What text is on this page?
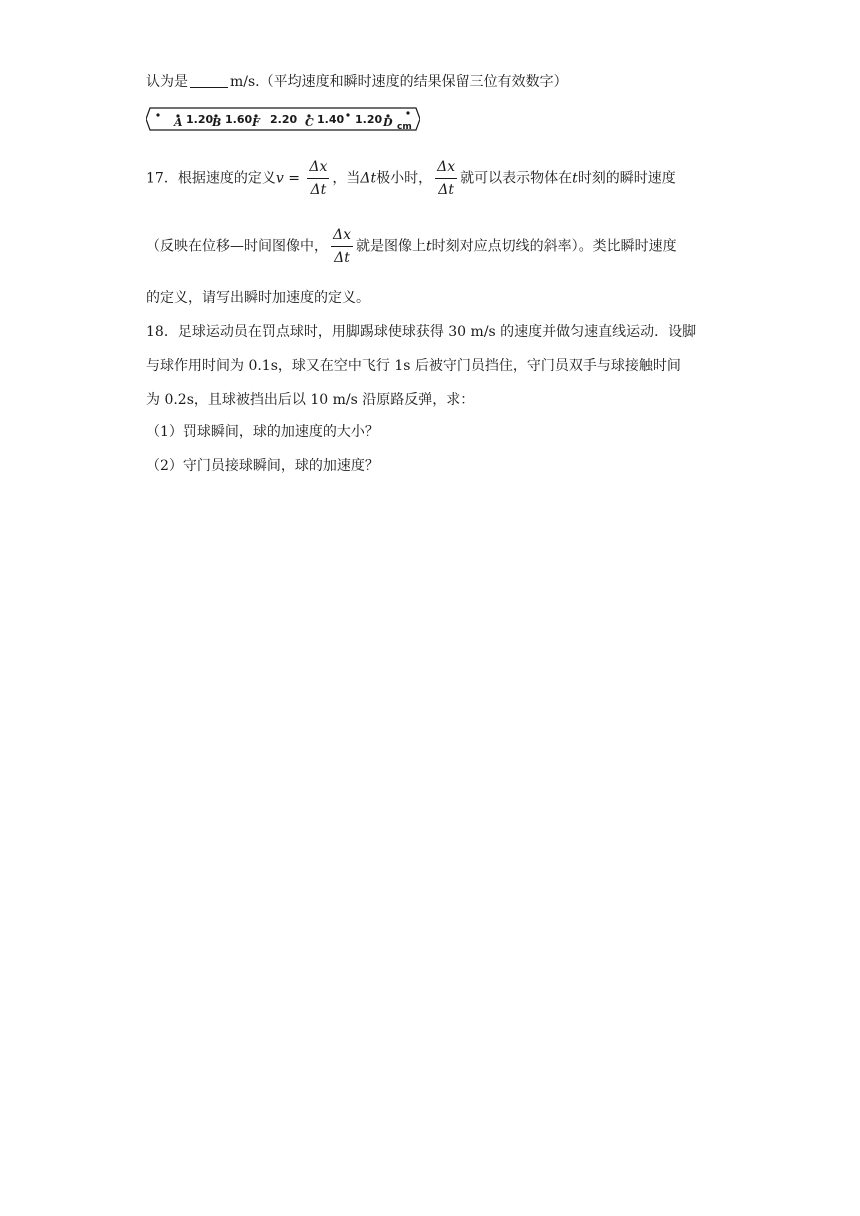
认为是	m/s.（平均速度和瞬时速度的结果保留三位有效数字）
A 1.20
B 1.60 F 2.20 C 1.40 1.20 D cm
17．根据速度的定义$v = \frac{\Delta x}{\Delta t}$ ，当Δt极小时， $\frac{\Delta x}{\Delta t}$ 就可以表示物体在t时刻的瞬时速度
（反映在位移—时间图像中， $\frac{\Delta x}{\Delta t}$ 就是图像上t时刻对应点切线的斜率）。类比瞬时速度
的定义，请写出瞬时加速度的定义。
18．足球运动员在罚点球时，用脚踢球使球获得 30 m/s 的速度并做匀速直线运动．设脚
与球作用时间为 0.1s，球又在空中飞行 1s 后被守门员挡住，守门员双手与球接触时间
为 0.2s，且球被挡出后以 10 m/s 沿原路反弹，求：
（1）罚球瞬间，球的加速度的大小？
（2）守门员接球瞬间，球的加速度？
